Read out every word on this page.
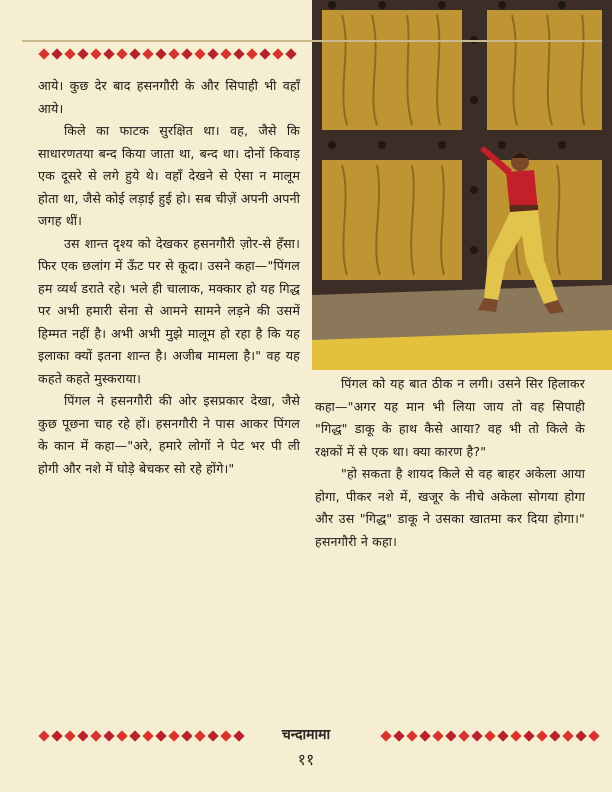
आये। कुछ देर बाद हसनगौरी के और सिपाही भी वहाँ आये।

किले का फाटक सुरक्षित था। वह, जैसे कि साधारणतया बन्द किया जाता था, बन्द था। दोनों किवाड़ एक दूसरे से लगे हुये थे। वहाँ देखने से ऐसा न मालूम होता था, जैसे कोई लड़ाई हुई हो। सब चीज़ें अपनी अपनी जगह थीं।

उस शान्त दृश्य को देखकर हसनगौरी ज़ोर-से हँसा। फिर एक छलांग में ऊँट पर से कूदा। उसने कहा—"पिंगल हम व्यर्थ डराते रहे। भले ही चालाक, मक्कार हो यह गिद्ध पर अभी हमारी सेना से आमने सामने लड़ने की उसमें हिम्मत नहीं है। अभी अभी मुझे मालूम हो रहा है कि यह इलाका क्यों इतना शान्त है। अजीब मामला है।" वह यह कहते कहते मुस्कराया।

पिंगल ने हसनगौरी की ओर इसप्रकार देखा, जैसे कुछ पूछना चाह रहे हों। हसनगौरी ने पास आकर पिंगल के कान में कहा—"अरे, हमारे लोगों ने पेट भर पी ली होगी और नशे में घोड़े बेचकर सो रहे होंगे।"

पिंगल को यह बात ठीक न लगी। उसने सिर हिलाकर कहा—"अगर यह मान भी लिया जाय तो वह सिपाही "गिद्ध" डाकू के हाथ कैसे आया? वह भी तो किले के रक्षकों में से एक था। क्या कारण है?"

"हो सकता है शायद किले से वह बाहर अकेला आया होगा, पीकर नशे में, खजूर के नीचे अकेला सोगया होगा और उस "गिद्ध" डाकू ने उसका खातमा कर दिया होगा।" हसनगौरी ने कहा।

चन्दामामा
११
